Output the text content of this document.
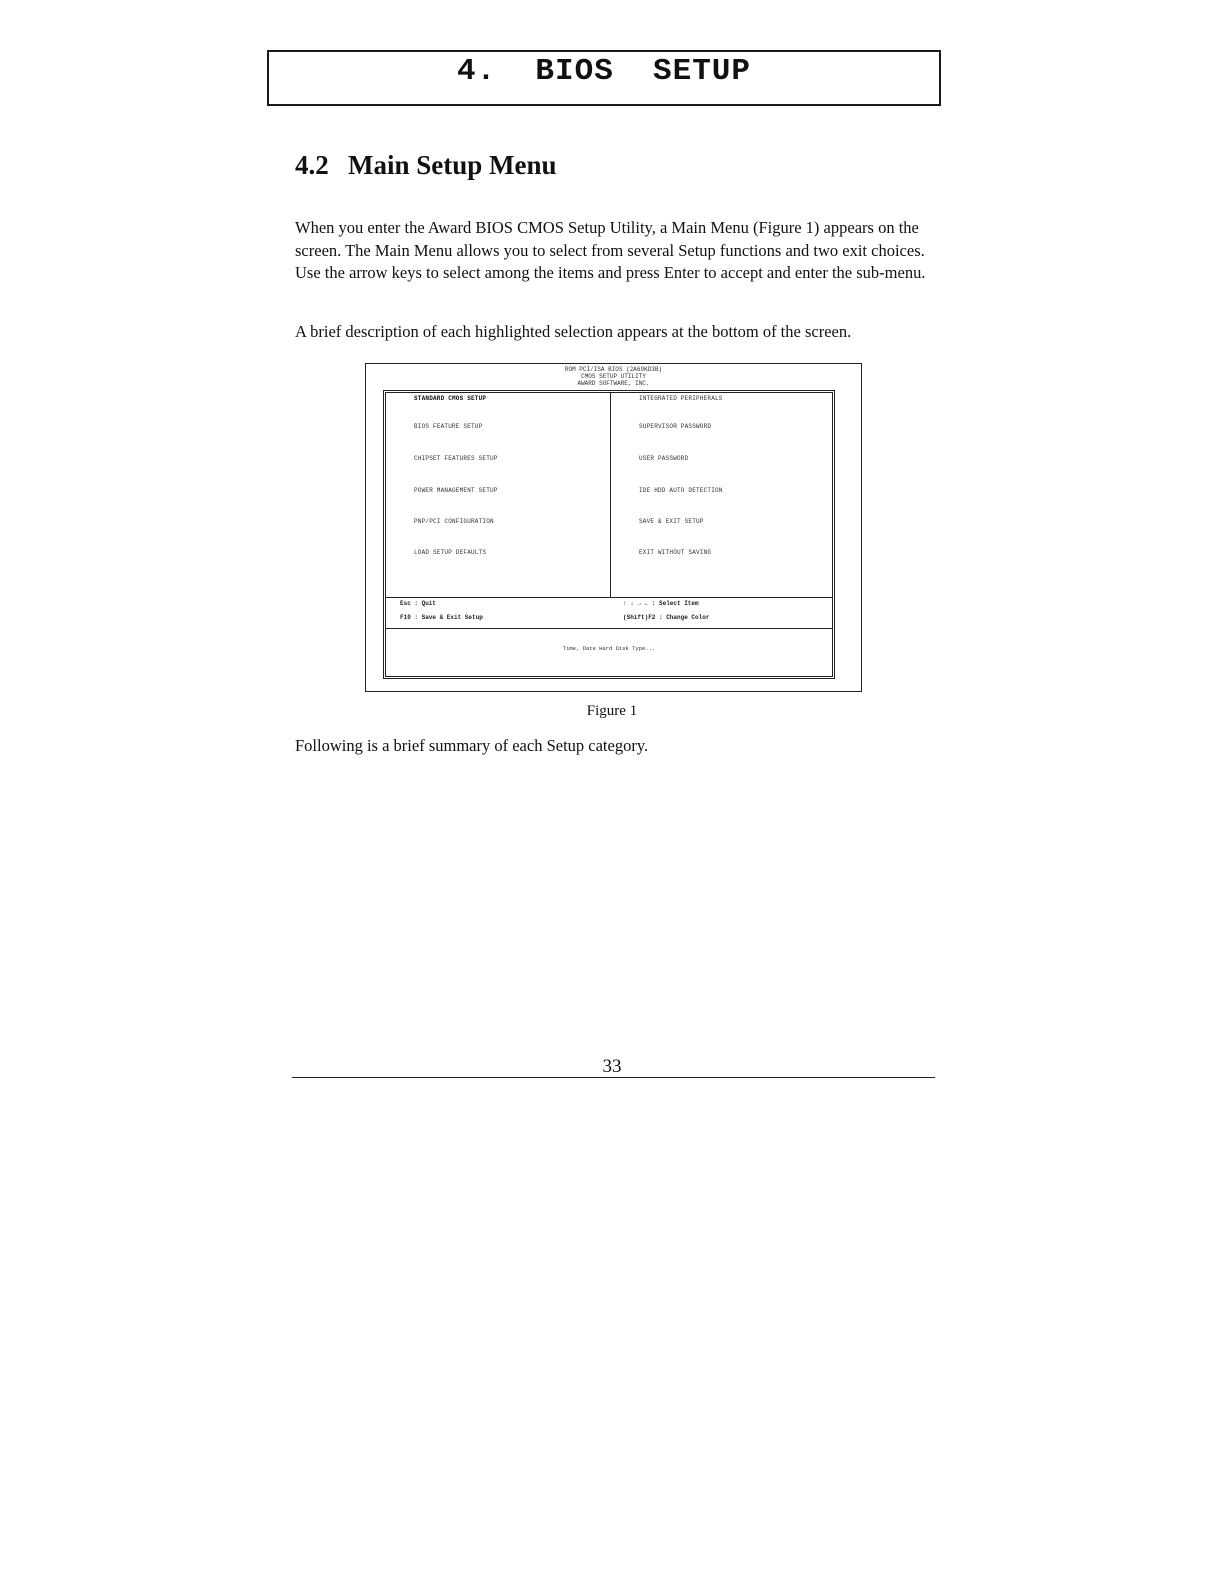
4.  BIOS  SETUP
4.2 Main Setup Menu

When you enter the Award BIOS CMOS Setup Utility, a Main Menu (Figure 1) appears on the screen. The Main Menu allows you to select from several Setup functions and two exit choices. Use the arrow keys to select among the items and press Enter to accept and enter the sub-menu.

A brief description of each highlighted selection appears at the bottom of the screen.

ROM PCI/ISA BIOS (2A69KD3B)
CMOS SETUP UTILITY
AWARD SOFTWARE, INC.
STANDARD CMOS SETUP
BIOS FEATURE SETUP
CHIPSET FEATURES SETUP
POWER MANAGEMENT SETUP
PNP/PCI CONFIGURATION
LOAD SETUP DEFAULTS
INTEGRATED PERIPHERALS
SUPERVISOR PASSWORD
USER PASSWORD
IDE HDD AUTO DETECTION
SAVE & EXIT SETUP
EXIT WITHOUT SAVING
Esc : Quit
F10 : Save & Exit Setup
↑ ↓ → ← : Select Item
(Shift)F2 : Change Color
Time, Date Hard Disk Type...
Figure 1

Following is a brief summary of each Setup category.

33
